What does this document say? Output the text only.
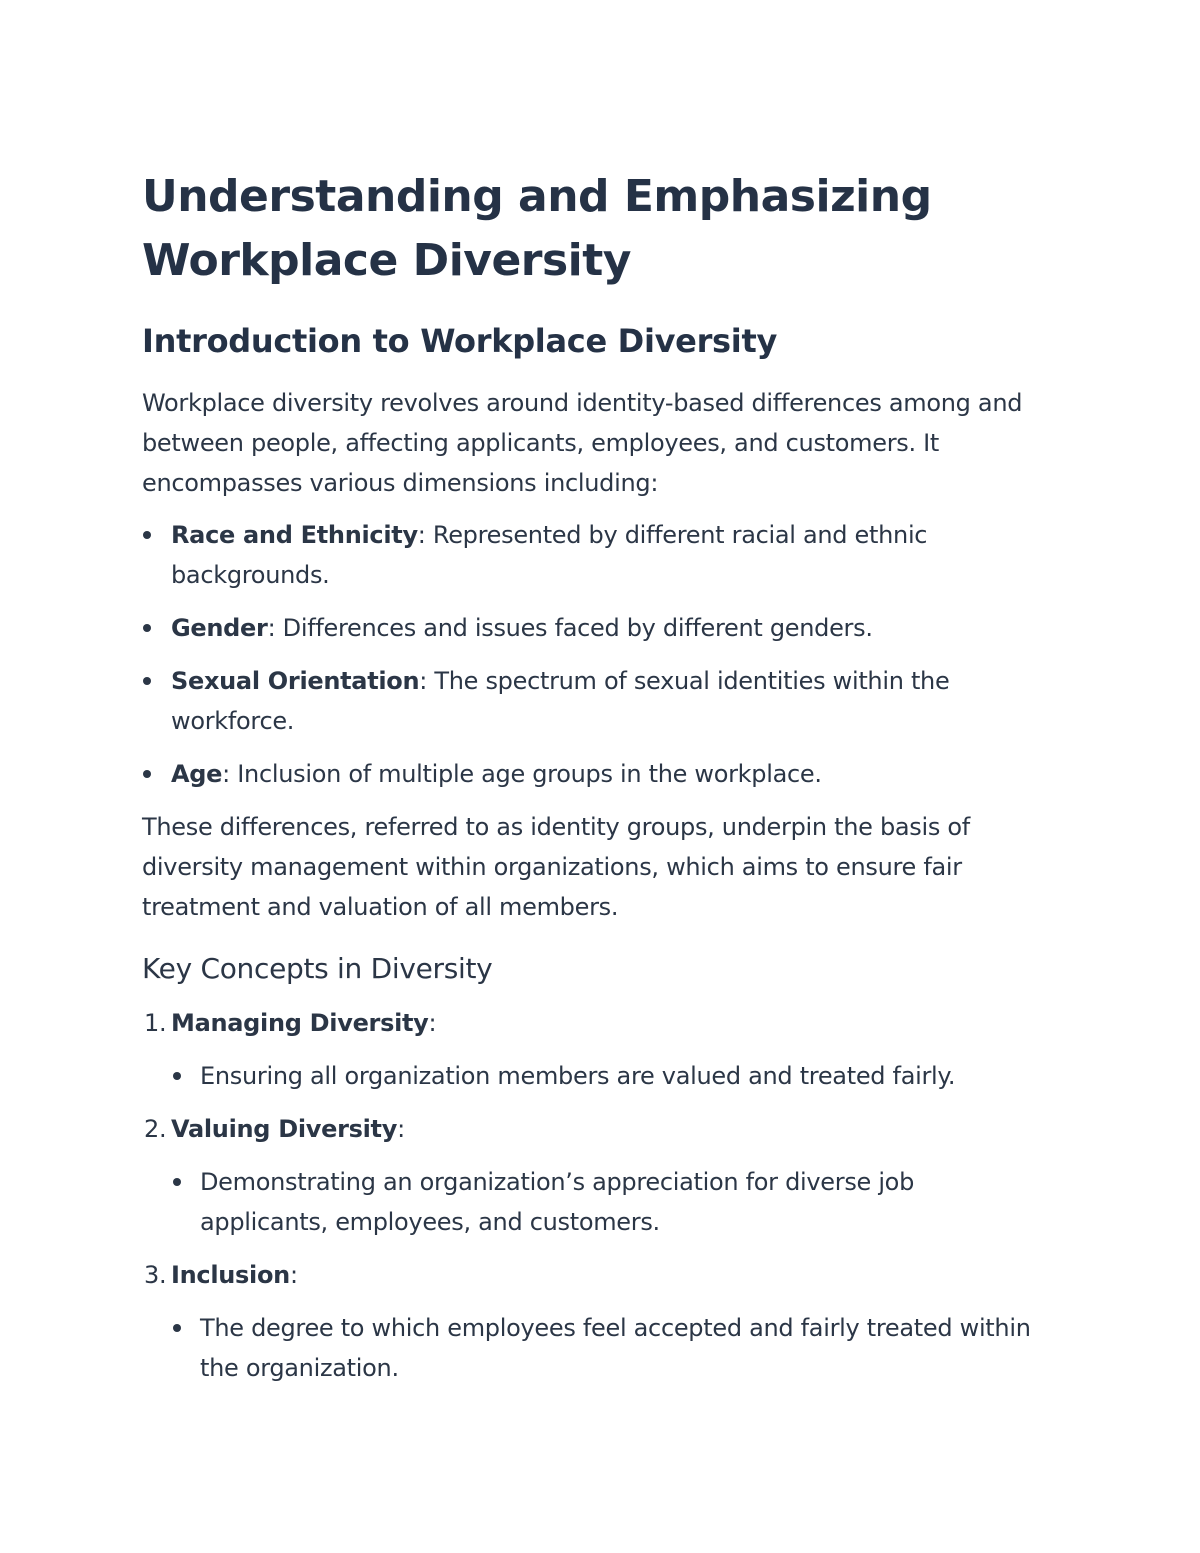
Understanding and Emphasizing Workplace Diversity
Introduction to Workplace Diversity

Workplace diversity revolves around identity-based differences among and between people, affecting applicants, employees, and customers. It encompasses various dimensions including:

Race and Ethnicity: Represented by different racial and ethnic backgrounds.
Gender: Differences and issues faced by different genders.
Sexual Orientation: The spectrum of sexual identities within the workforce.
Age: Inclusion of multiple age groups in the workplace.

These differences, referred to as identity groups, underpin the basis of diversity management within organizations, which aims to ensure fair treatment and valuation of all members.

Key Concepts in Diversity
1. Managing Diversity:
Ensuring all organization members are valued and treated fairly.
2. Valuing Diversity:
Demonstrating an organization’s appreciation for diverse job applicants, employees, and customers.
3. Inclusion:
The degree to which employees feel accepted and fairly treated within the organization.
